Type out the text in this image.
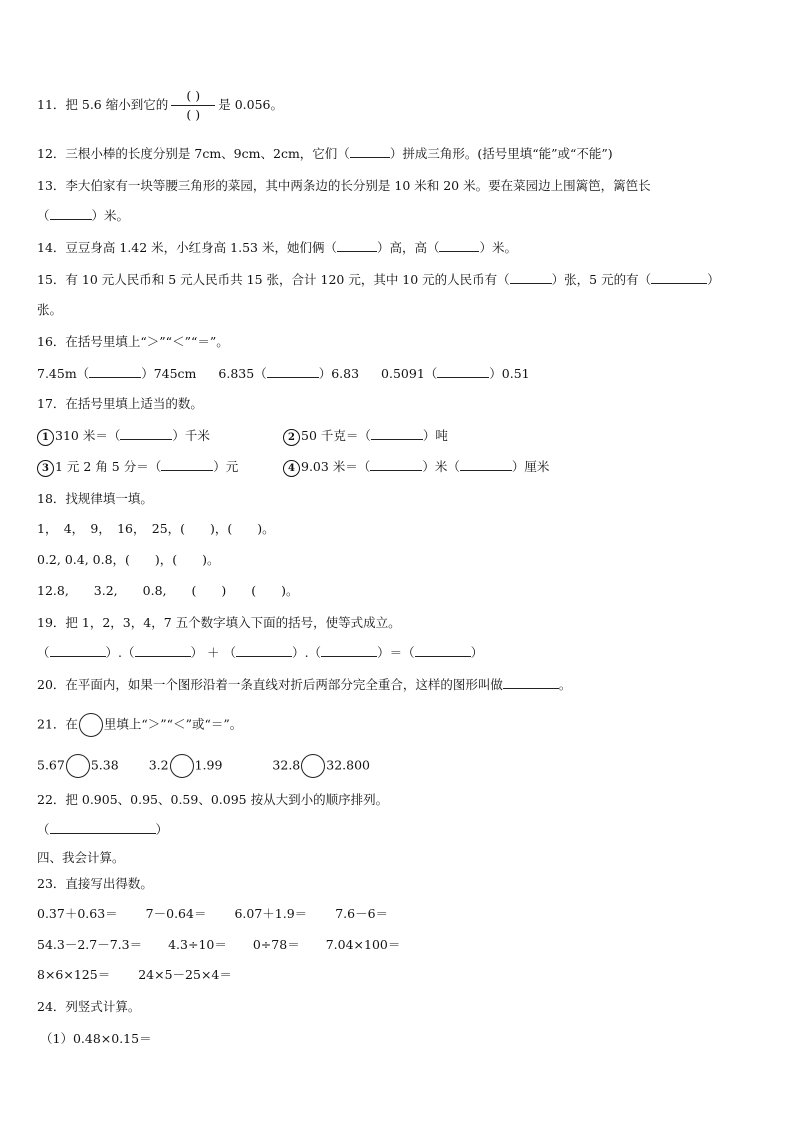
11．把 5.6 缩小到它的 $\frac{( )}{( )}$ 是 0.056。
12．三根小棒的长度分别是 7cm、9cm、2cm，它们（	）拼成三角形。(括号里填“能”或“不能”)
13．李大伯家有一块等腰三角形的菜园，其中两条边的长分别是 10 米和 20 米。要在菜园边上围篱笆，篱笆长
（	）米。
14．豆豆身高 1.42 米，小红身高 1.53 米，她们俩（	）高，高（	）米。
15．有 10 元人民币和 5 元人民币共 15 张，合计 120 元，其中 10 元的人民币有（	）张，5 元的有（	）
张。
16．在括号里填上“＞”“＜”“＝”。
7.45m（	）745cm 6.835（	）6.83 0.5091（	）0.51
17．在括号里填上适当的数。
1 310 米＝（	）千米	2 50 千克＝（	）吨
3 1 元 2 角 5 分＝（	）元	4 9.03 米＝（	）米（	）厘米
18．找规律填一填。
1，　4，　9，　16，　25，(　　)，(　　)。
0.2, 0.4, 0.8，(　　)，(　　)。
12.8,　　3.2,　　0.8,　　(　　)　　(　　)。
19．把 1，2，3，4，7 五个数字填入下面的括号，使等式成立。
（	）.（	） ＋ （	）.（	）＝（	）
20．在平面内，如果一个图形沿着一条直线对折后两部分完全重合，这样的图形叫做	。
21．在 里填上“＞”“＜”或“＝”。
5.67 5.38 3.2 1.99	32.8 32.800
22．把 0.905、0.95、0.59、0.095 按从大到小的顺序排列。
（	）
四、我会计算。
23．直接写出得数。
0.37＋0.63＝ 7－0.64＝ 6.07＋1.9＝ 7.6－6＝
54.3－2.7－7.3＝ 4.3÷10＝ 0÷78＝ 7.04×100＝
8×6×125＝ 24×5－25×4＝
24．列竖式计算。
（1）0.48×0.15＝
